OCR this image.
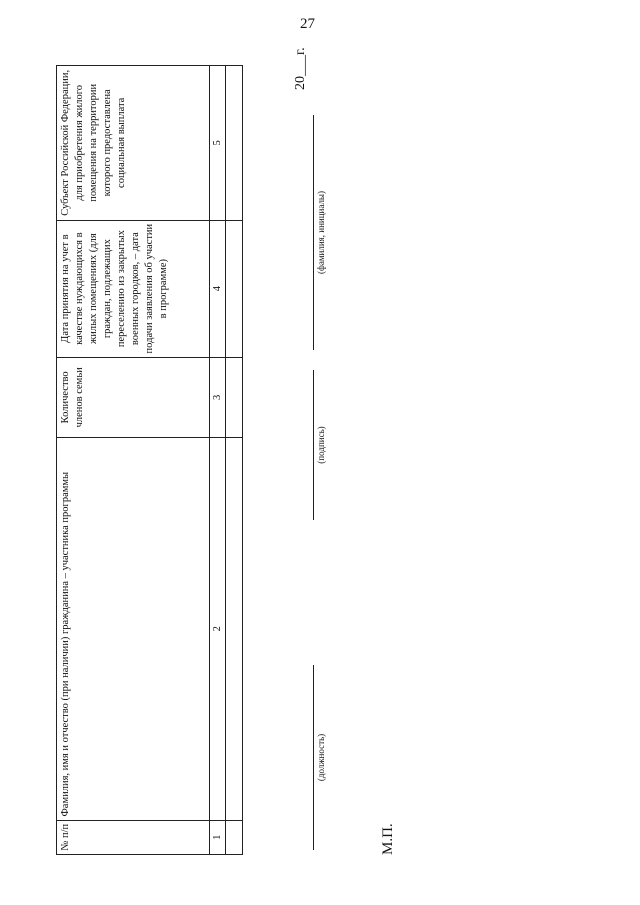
27
№ п/п	Фамилия, имя и отчество (при наличии) гражданина – участника программы	Количество членов семьи	Дата принятия на учет в качестве нуждающихся в жилых помещениях (для граждан, подлежащих переселению из закрытых военных городков, – дата подачи заявления об участии в программе)	Субъект Российской Федерации, для приобретения жилого помещения на территории которого предоставлена социальная выплата
1	2	3	4	5

(должность)
(подпись)
(фамилия, инициалы)
20___г.
М.П.
